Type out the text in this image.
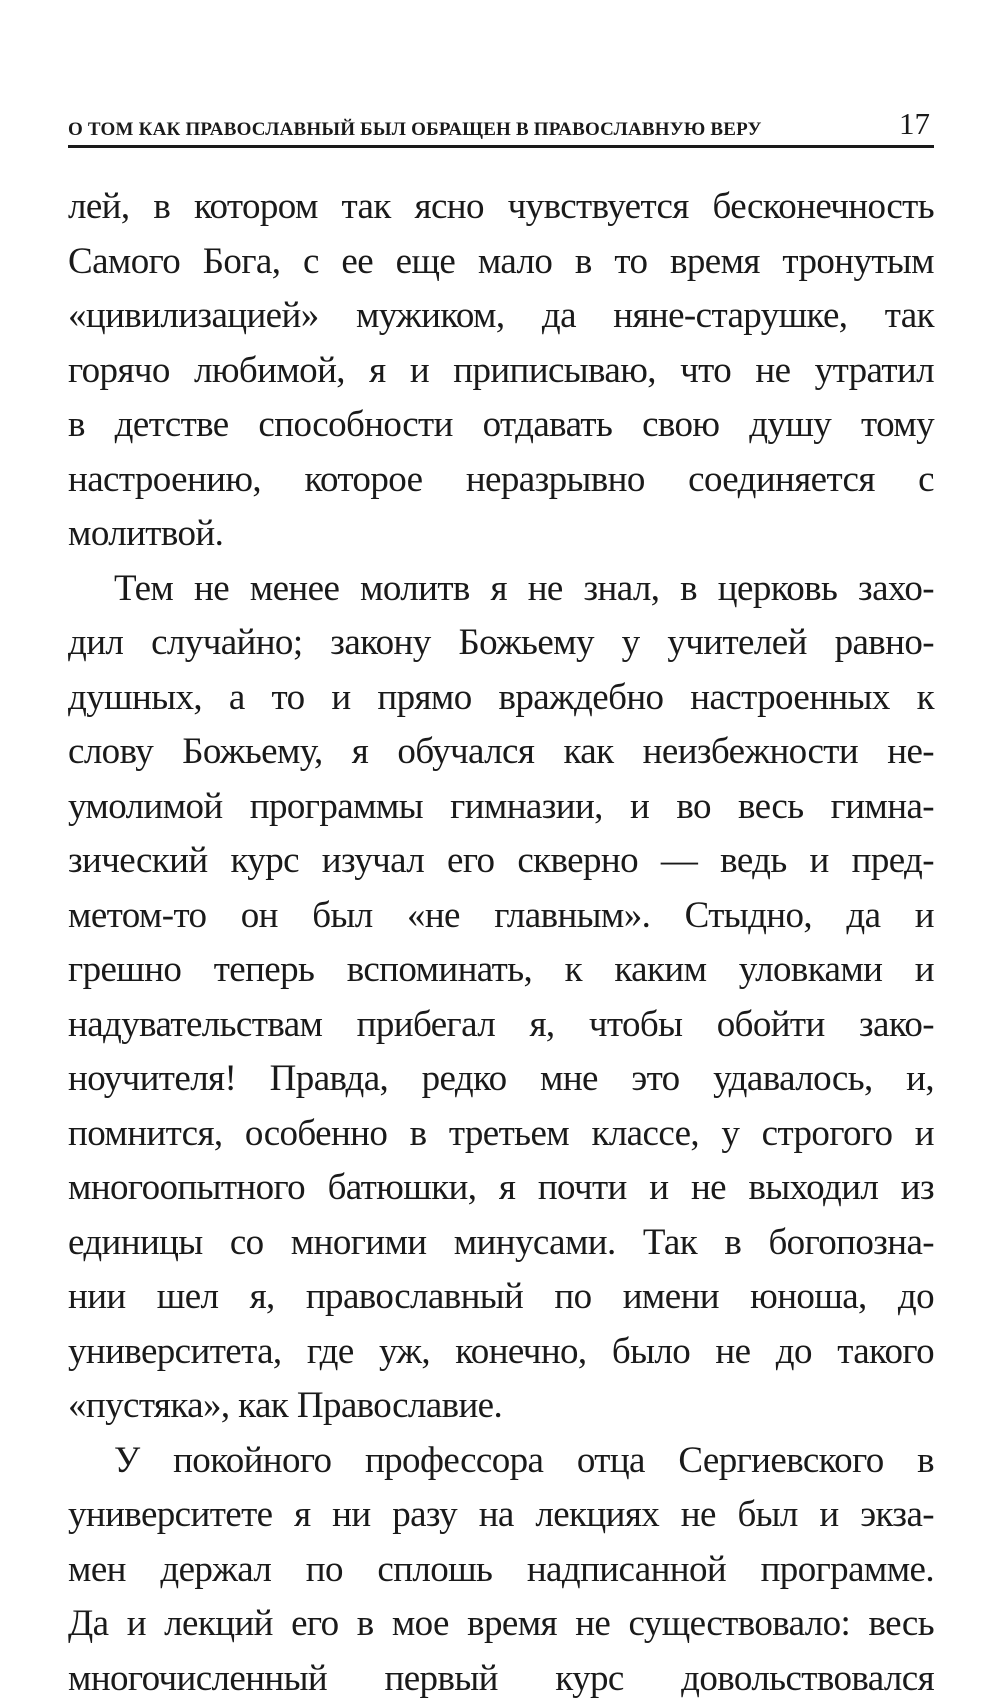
О ТОМ КАК ПРАВОСЛАВНЫЙ БЫЛ ОБРАЩЕН В ПРАВОСЛАВНУЮ ВЕРУ	17

лей, в котором так ясно чувствуется бесконечность
Самого Бога, с ее еще мало в то время тронутым
«цивилизацией» мужиком, да няне-старушке, так
горячо любимой, я и приписываю, что не утратил
в детстве способности отдавать свою душу тому
настроению, которое неразрывно соединяется с
молитвой.

Тем не менее молитв я не знал, в церковь захо-
дил случайно; закону Божьему у учителей равно-
душных, а то и прямо враждебно настроенных к
слову Божьему, я обучался как неизбежности не-
умолимой программы гимназии, и во весь гимна-
зический курс изучал его скверно — ведь и пред-
метом-то он был «не главным». Стыдно, да и
грешно теперь вспоминать, к каким уловками и
надувательствам прибегал я, чтобы обойти зако-
ноучителя! Правда, редко мне это удавалось, и,
помнится, особенно в третьем классе, у строгого и
многоопытного батюшки, я почти и не выходил из
единицы со многими минусами. Так в богопозна-
нии шел я, православный по имени юноша, до
университета, где уж, конечно, было не до такого
«пустяка», как Православие.

У покойного профессора отца Сергиевского в
университете я ни разу на лекциях не был и экза-
мен держал по сплошь надписанной программе.
Да и лекций его в мое время не существовало: весь
многочисленный первый курс довольствовался
